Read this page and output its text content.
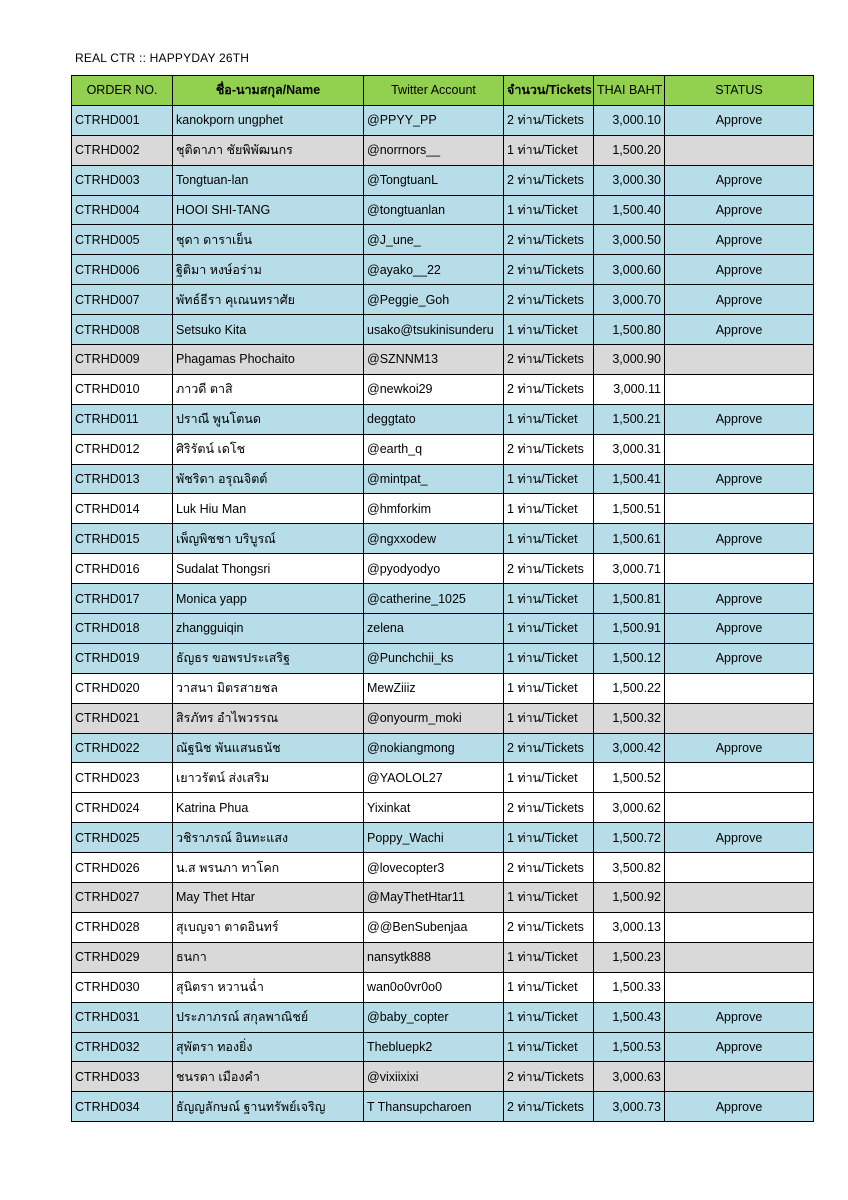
REAL CTR :: HAPPYDAY 26TH
ORDER NO.	ชื่อ-นามสกุล/Name	Twitter Account	จำนวน/Tickets	THAI BAHT	STATUS
CTRHD001	kanokporn ungphet	@PPYY_PP	2 ท่าน/Tickets	3,000.10	Approve
CTRHD002	ชุติดาภา ชัยพิพัฒนกร	@norrnors__	1 ท่าน/Ticket	1,500.20	
CTRHD003	Tongtuan-lan	@TongtuanL	2 ท่าน/Tickets	3,000.30	Approve
CTRHD004	HOOI SHI-TANG	@tongtuanlan	1 ท่าน/Ticket	1,500.40	Approve
CTRHD005	ชุดา ดาราเย็น	@J_une_	2 ท่าน/Tickets	3,000.50	Approve
CTRHD006	ฐิติมา หงษ์อร่าม	@ayako__22	2 ท่าน/Tickets	3,000.60	Approve
CTRHD007	พัทธ์ธีรา คุเณนทราศัย	@Peggie_Goh	2 ท่าน/Tickets	3,000.70	Approve
CTRHD008	Setsuko Kita	usako@tsukinisunderu	1 ท่าน/Ticket	1,500.80	Approve
CTRHD009	Phagamas Phochaito	@SZNNM13	2 ท่าน/Tickets	3,000.90	
CTRHD010	ภาวดี ตาสิ	@newkoi29	2 ท่าน/Tickets	3,000.11	
CTRHD011	ปราณี พูนโตนด	deggtato	1 ท่าน/Ticket	1,500.21	Approve
CTRHD012	ศิริรัตน์ เดโช	@earth_q	2 ท่าน/Tickets	3,000.31	
CTRHD013	พัชริดา อรุณจิตต์	@mintpat_	1 ท่าน/Ticket	1,500.41	Approve
CTRHD014	Luk Hiu Man	@hmforkim	1 ท่าน/Ticket	1,500.51	
CTRHD015	เพ็ญพิชชา บริบูรณ์	@ngxxodew	1 ท่าน/Ticket	1,500.61	Approve
CTRHD016	Sudalat Thongsri	@pyodyodyo	2 ท่าน/Tickets	3,000.71	
CTRHD017	Monica yapp	@catherine_1025	1 ท่าน/Ticket	1,500.81	Approve
CTRHD018	zhangguiqin	zelena	1 ท่าน/Ticket	1,500.91	Approve
CTRHD019	ธัญธร ขอพรประเสริฐ	@Punchchii_ks	1 ท่าน/Ticket	1,500.12	Approve
CTRHD020	วาสนา มิตรสายชล	MewZiiiz	1 ท่าน/Ticket	1,500.22	
CTRHD021	สิรภัทร อำไพวรรณ	@onyourm_moki	1 ท่าน/Ticket	1,500.32	
CTRHD022	ณัฐนิช พันแสนธนัช	@nokiangmong	2 ท่าน/Tickets	3,000.42	Approve
CTRHD023	เยาวรัตน์ ส่งเสริม	@YAOLOL27	1 ท่าน/Ticket	1,500.52	
CTRHD024	Katrina Phua	Yixinkat	2 ท่าน/Tickets	3,000.62	
CTRHD025	วชิราภรณ์ อินทะแสง	Poppy_Wachi	1 ท่าน/Ticket	1,500.72	Approve
CTRHD026	น.ส พรนภา ทาโคก	@lovecopter3	2 ท่าน/Tickets	3,500.82	
CTRHD027	May Thet Htar	@MayThetHtar11	1 ท่าน/Ticket	1,500.92	
CTRHD028	สุเบญจา ตาดอินทร์	@@BenSubenjaa	2 ท่าน/Tickets	3,000.13	
CTRHD029	ธนกา	nansytk888	1 ท่าน/Ticket	1,500.23	
CTRHD030	สุนิตรา หวานฉ่ำ	wan0o0vr0o0	1 ท่าน/Ticket	1,500.33	
CTRHD031	ประภาภรณ์ สกุลพาณิชย์	@baby_copter	1 ท่าน/Ticket	1,500.43	Approve
CTRHD032	สุพัตรา ทองยิ่ง	Thebluepk2	1 ท่าน/Ticket	1,500.53	Approve
CTRHD033	ชนรดา เมืองคำ	@vixiixixi	2 ท่าน/Tickets	3,000.63	
CTRHD034	ธัญญลักษณ์ ฐานทรัพย์เจริญ	T Thansupcharoen	2 ท่าน/Tickets	3,000.73	Approve
